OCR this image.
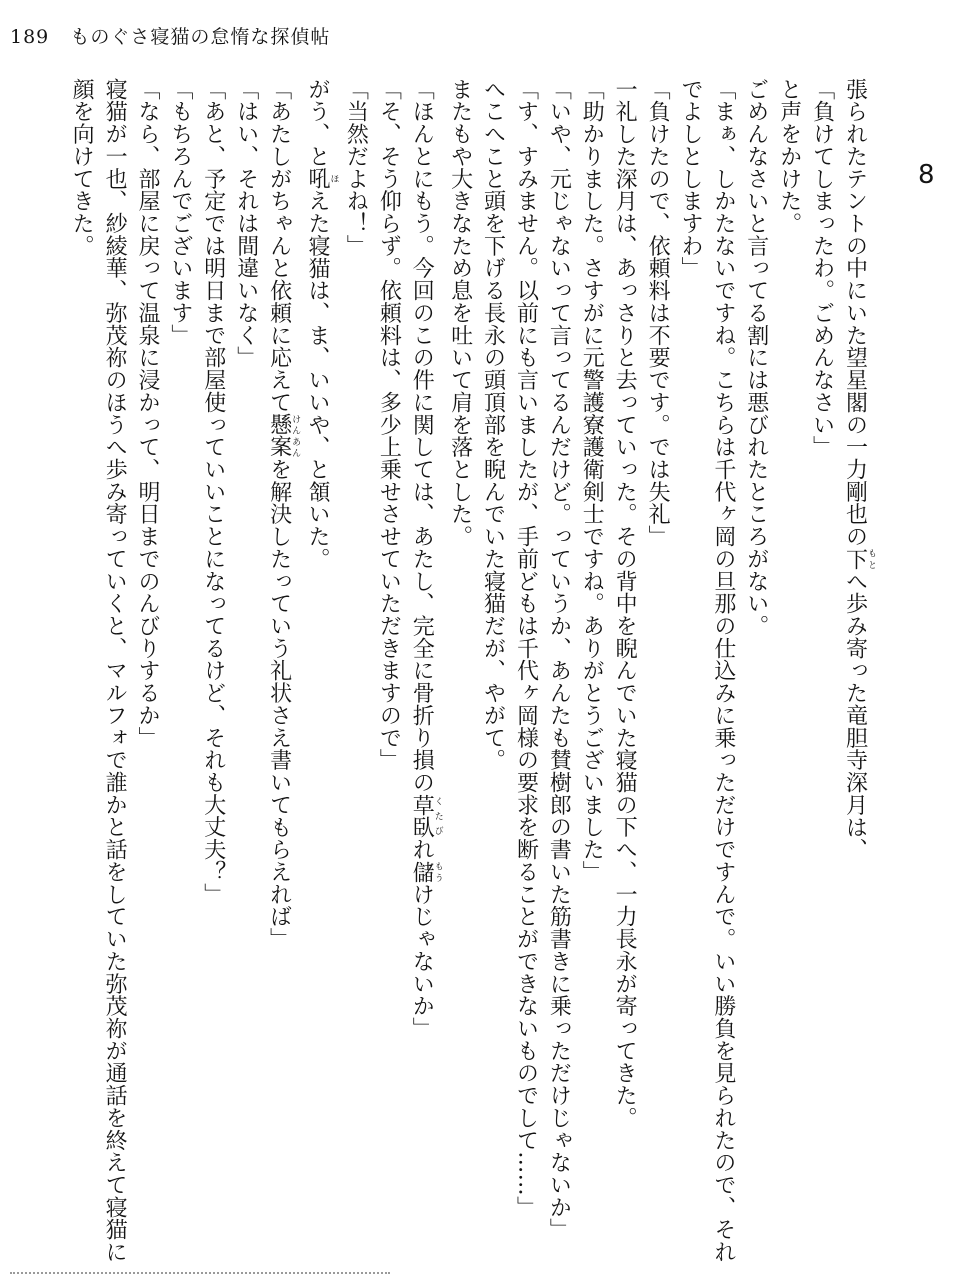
189 ものぐさ寝猫の怠惰な探偵帖
8

張られたテントの中にいた望星閣の一力剛也の下もとへ歩み寄った竜胆寺深月は、

「負けてしまったわ。ごめんなさい」

と声をかけた。

ごめんなさいと言ってる割には悪びれたところがない。

「まぁ、しかたないですね。こちらは千代ヶ岡の旦那の仕込みに乗っただけですんで。いい勝負を見られたので、それでよしとしますわ」

「負けたので、依頼料は不要です。では失礼」

一礼した深月は、あっさりと去っていった。その背中を睨んでいた寝猫の下へ、一力長永が寄ってきた。

「助かりました。さすがに元警護寮護衛剣士ですね。ありがとうございました」

「いや、元じゃないって言ってるんだけど。っていうか、あんたも賛樹郎の書いた筋書きに乗っただけじゃないか」

「す、すみません。以前にも言いましたが、手前どもは千代ヶ岡様の要求を断ることができないものでして……」

へこへこと頭を下げる長永の頭頂部を睨んでいた寝猫だが、やがて。

またもや大きなため息を吐いて肩を落とした。

「ほんとにもう。今回のこの件に関しては、あたし、完全に骨折り損の草臥くたびれ儲もうけじゃないか」

「そ、そう仰らず。依頼料は、多少上乗せさせていただきますので」

「当然だよね！」

がう、と吼ほえた寝猫は、ま、いいや、と頷いた。

「あたしがちゃんと依頼に応えて懸案けんあんを解決したっていう礼状さえ書いてもらえれば」

「はい、それは間違いなく」

「あと、予定では明日まで部屋使っていいことになってるけど、それも大丈夫？」

「もちろんでございます」

「なら、部屋に戻って温泉に浸かって、明日までのんびりするか」

寝猫が一也、紗綾華、弥茂祢のほうへ歩み寄っていくと、マルフォで誰かと話をしていた弥茂祢が通話を終えて寝猫に顔を向けてきた。
